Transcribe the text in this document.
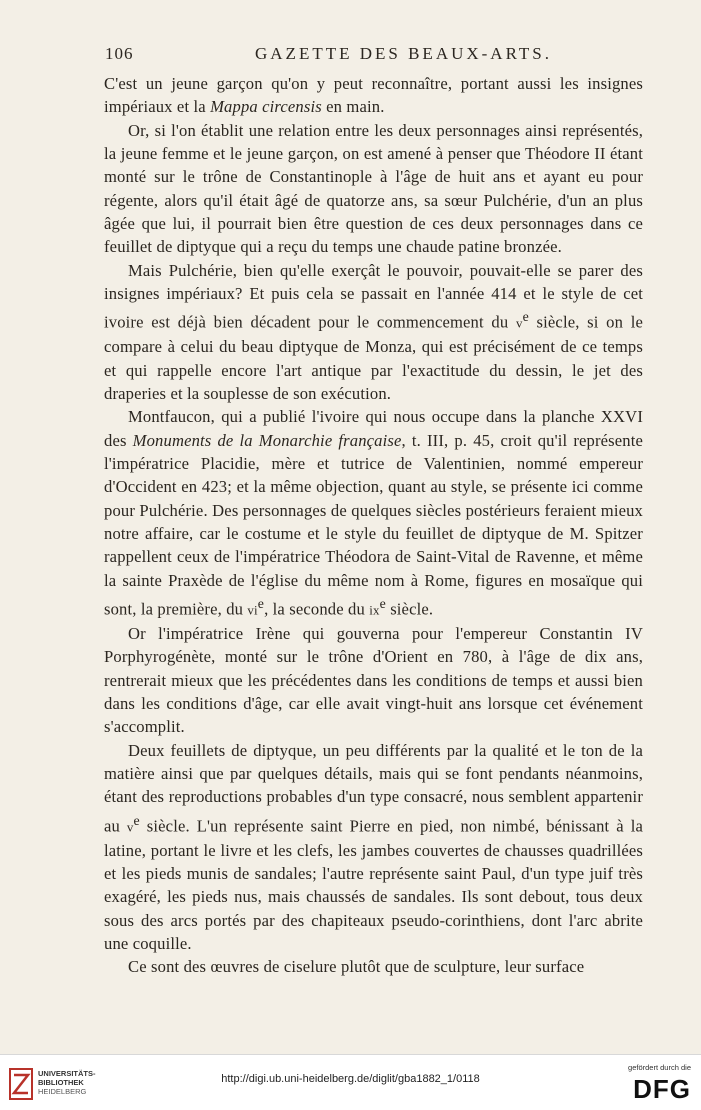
106	GAZETTE DES BEAUX-ARTS.

C'est un jeune garçon qu'on y peut reconnaître, portant aussi les insignes impériaux et la Mappa circensis en main.

Or, si l'on établit une relation entre les deux personnages ainsi représentés, la jeune femme et le jeune garçon, on est amené à penser que Théodore II étant monté sur le trône de Constantinople à l'âge de huit ans et ayant eu pour régente, alors qu'il était âgé de quatorze ans, sa sœur Pulchérie, d'un an plus âgée que lui, il pourrait bien être question de ces deux personnages dans ce feuillet de diptyque qui a reçu du temps une chaude patine bronzée.

Mais Pulchérie, bien qu'elle exerçât le pouvoir, pouvait-elle se parer des insignes impériaux? Et puis cela se passait en l'année 414 et le style de cet ivoire est déjà bien décadent pour le commencement du $v^e$ siècle, si on le compare à celui du beau diptyque de Monza, qui est précisément de ce temps et qui rappelle encore l'art antique par l'exactitude du dessin, le jet des draperies et la souplesse de son exécution.

Montfaucon, qui a publié l'ivoire qui nous occupe dans la planche XXVI des Monuments de la Monarchie française, t. III, p. 45, croit qu'il représente l'impératrice Placidie, mère et tutrice de Valentinien, nommé empereur d'Occident en 423; et la même objection, quant au style, se présente ici comme pour Pulchérie. Des personnages de quelques siècles postérieurs feraient mieux notre affaire, car le costume et le style du feuillet de diptyque de M. Spitzer rappellent ceux de l'impératrice Théodora de Saint-Vital de Ravenne, et même la sainte Praxède de l'église du même nom à Rome, figures en mosaïque qui sont, la première, du $vi^e$, la seconde du $ix^e$ siècle.

Or l'impératrice Irène qui gouverna pour l'empereur Constantin IV Porphyrogénète, monté sur le trône d'Orient en 780, à l'âge de dix ans, rentrerait mieux que les précédentes dans les conditions de temps et aussi bien dans les conditions d'âge, car elle avait vingt-huit ans lorsque cet événement s'accomplit.

Deux feuillets de diptyque, un peu différents par la qualité et le ton de la matière ainsi que par quelques détails, mais qui se font pendants néanmoins, étant des reproductions probables d'un type consacré, nous semblent appartenir au $v^e$ siècle. L'un représente saint Pierre en pied, non nimbé, bénissant à la latine, portant le livre et les clefs, les jambes couvertes de chausses quadrillées et les pieds munis de sandales; l'autre représente saint Paul, d'un type juif très exagéré, les pieds nus, mais chaussés de sandales. Ils sont debout, tous deux sous des arcs portés par des chapiteaux pseudo-corinthiens, dont l'arc abrite une coquille.

Ce sont des œuvres de ciselure plutôt que de sculpture, leur surface

UNIVERSITÄTS-
BIBLIOTHEK
HEIDELBERG
http://digi.ub.uni-heidelberg.de/diglit/gba1882_1/0118
gefördert durch die
DFG
